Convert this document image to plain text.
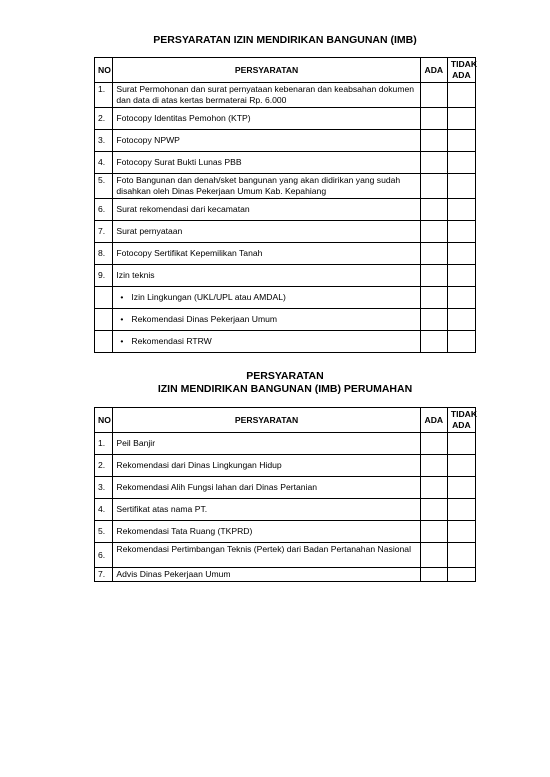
PERSYARATAN IZIN MENDIRIKAN BANGUNAN (IMB)
NO	PERSYARATAN	ADA	TIDAK ADA
1.	Surat Permohonan dan surat pernyataan kebenaran dan keabsahan dokumen dan data di atas kertas bermaterai Rp. 6.000		
2.	Fotocopy Identitas Pemohon (KTP)		
3.	Fotocopy NPWP		
4.	Fotocopy Surat Bukti Lunas PBB		
5.	Foto Bangunan dan denah/sket bangunan yang akan didirikan yang sudah disahkan oleh Dinas Pekerjaan Umum Kab. Kepahiang		
6.	Surat rekomendasi dari kecamatan		
7.	Surat pernyataan		
8.	Fotocopy Sertifikat Kepemilikan Tanah		
9.	Izin teknis		
	•Izin Lingkungan (UKL/UPL atau AMDAL)		
	•Rekomendasi Dinas Pekerjaan Umum		
	•Rekomendasi RTRW		
PERSYARATAN
IZIN MENDIRIKAN BANGUNAN (IMB) PERUMAHAN
NO	PERSYARATAN	ADA	TIDAK ADA
1.	Peil Banjir		
2.	Rekomendasi dari Dinas Lingkungan Hidup		
3.	Rekomendasi Alih Fungsi lahan dari Dinas Pertanian		
4.	Sertifikat atas nama PT.		
5.	Rekomendasi Tata Ruang (TKPRD)		
6.	Rekomendasi Pertimbangan Teknis (Pertek) dari Badan Pertanahan Nasional		
7.	Advis Dinas Pekerjaan Umum		
